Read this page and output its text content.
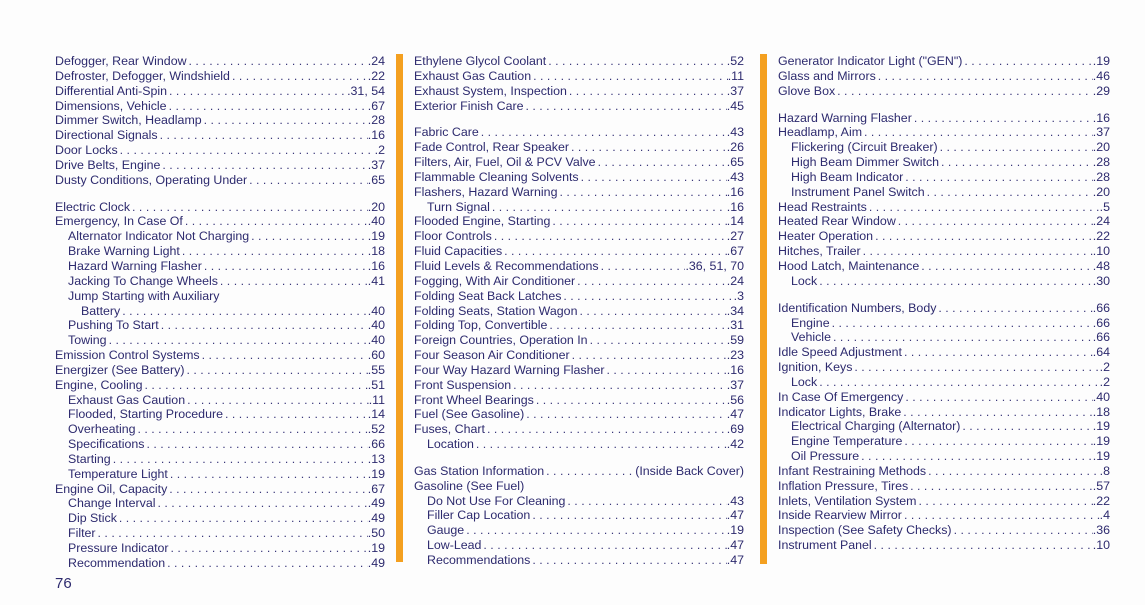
Defogger, Rear Window . . .	.24
Defroster, Defogger, Windshield . . .	.22
Differential Anti-Spin . . .	.31, 54
Dimensions, Vehicle . . .	.67
Dimmer Switch, Headlamp . . .	.28
Directional Signals . . .	.16
Door Locks . . .	.2
Drive Belts, Engine . . .	.37
Dusty Conditions, Operating Under . . .	.65
Electric Clock . . .	.20
Emergency, In Case Of . . .	.40
Alternator Indicator Not Charging . . .	.19
Brake Warning Light . . .	.18
Hazard Warning Flasher . . .	.16
Jacking To Change Wheels . . .	.41
Jump Starting with Auxiliary
Battery . . .	.40
Pushing To Start . . .	.40
Towing . . .	.40
Emission Control Systems . . .	.60
Energizer (See Battery) . . .	.55
Engine, Cooling . . .	.51
Exhaust Gas Caution . . .	.11
Flooded, Starting Procedure . . .	.14
Overheating . . .	.52
Specifications . . .	.66
Starting . . .	.13
Temperature Light . . .	.19
Engine Oil, Capacity . . .	.67
Change Interval . . .	.49
Dip Stick . . .	.49
Filter . . .	.50
Pressure Indicator . . .	.19
Recommendation . . .	.49
Ethylene Glycol Coolant . . .	.52
Exhaust Gas Caution . . .	.11
Exhaust System, Inspection . . .	.37
Exterior Finish Care . . .	.45
Fabric Care . . .	.43
Fade Control, Rear Speaker . . .	.26
Filters, Air, Fuel, Oil & PCV Valve . . .	.65
Flammable Cleaning Solvents . . .	.43
Flashers, Hazard Warning . . .	.16
Turn Signal . . .	.16
Flooded Engine, Starting . . .	.14
Floor Controls . . .	.27
Fluid Capacities . . .	.67
Fluid Levels & Recommendations . . .	.36, 51, 70
Fogging, With Air Conditioner . . .	.24
Folding Seat Back Latches . . .	.3
Folding Seats, Station Wagon . . .	.34
Folding Top, Convertible . . .	.31
Foreign Countries, Operation In . . .	.59
Four Season Air Conditioner . . .	.23
Four Way Hazard Warning Flasher . . .	.16
Front Suspension . . .	.37
Front Wheel Bearings . . .	.56
Fuel (See Gasoline) . . .	.47
Fuses, Chart . . .	.69
Location . . .	.42
Gas Station Information . . .	(Inside Back Cover)
Gasoline (See Fuel)
Do Not Use For Cleaning . . .	.43
Filler Cap Location . . .	.47
Gauge . . .	.19
Low-Lead . . .	.47
Recommendations . . .	.47
Generator Indicator Light ("GEN") . . .	.19
Glass and Mirrors . . .	.46
Glove Box . . .	.29
Hazard Warning Flasher . . .	.16
Headlamp, Aim . . .	.37
Flickering (Circuit Breaker) . . .	.20
High Beam Dimmer Switch . . .	.28
High Beam Indicator . . .	.28
Instrument Panel Switch . . .	.20
Head Restraints . . .	.5
Heated Rear Window . . .	.24
Heater Operation . . .	.22
Hitches, Trailer . . .	.10
Hood Latch, Maintenance . . .	.48
Lock . . .	.30
Identification Numbers, Body . . .	.66
Engine . . .	.66
Vehicle . . .	.66
Idle Speed Adjustment . . .	.64
Ignition, Keys . . .	.2
Lock . . .	.2
In Case Of Emergency . . .	.40
Indicator Lights, Brake . . .	.18
Electrical Charging (Alternator) . . .	.19
Engine Temperature . . .	.19
Oil Pressure . . .	.19
Infant Restraining Methods . . .	.8
Inflation Pressure, Tires . . .	.57
Inlets, Ventilation System . . .	.22
Inside Rearview Mirror . . .	.4
Inspection (See Safety Checks) . . .	.36
Instrument Panel . . .	.10
76
